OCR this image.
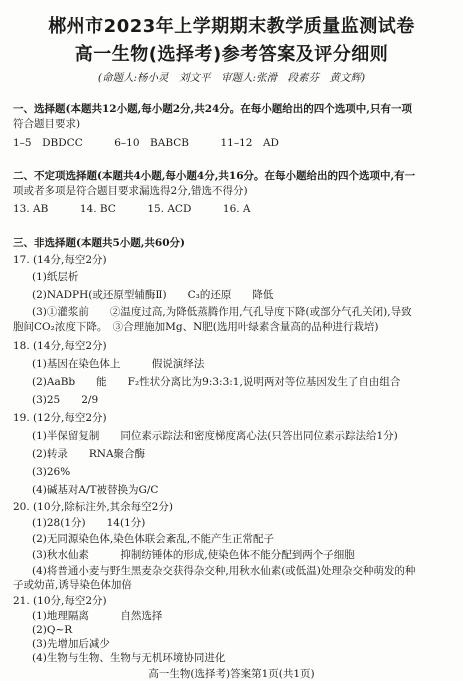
郴州市2023年上学期期末教学质量监测试卷
高一生物(选择考)参考答案及评分细则
(命题人:杨小灵　刘文平　审题人:张滑　段素芬　黄文辉)
一、选择题(本题共12小题,每小题2分,共24分。在每小题给出的四个选项中,只有一项
符合题目要求)
1–5　DBDCC　　　6–10　BABCB　　　11–12　AD
二、不定项选择题(本题共4小题,每小题4分,共16分。在每小题给出的四个选项中,有一
项或者多项是符合题目要求漏选得2分,错选不得分)
13. AB　　　14. BC　　　15. ACD　　　16. A
三、非选择题(本题共5小题,共60分)
17. (14分,每空2分)
(1)纸层析
(2)NADPH(或还原型辅酶Ⅱ)　　C₃的还原　　降低
(3)①灌浆前　　②温度过高,为降低蒸腾作用,气孔导度下降(或部分气孔关闭),导致
胞间CO₂浓度下降。　③合理施加Mg、N肥(选用叶绿素含量高的品种进行栽培)
18. (14分,每空2分)
(1)基因在染色体上　　　假说演绎法
(2)AaBb　　能　　F₂性状分离比为9:3:3:1,说明两对等位基因发生了自由组合
(3)25　　2/9
19. (12分,每空2分)
(1)半保留复制　　同位素示踪法和密度梯度离心法(只答出同位素示踪法给1分)
(2)转录　　RNA聚合酶
(3)26%
(4)碱基对A/T被替换为G/C
20. (10分,除标注外,其余每空2分)
(1)28(1分)　　14(1分)
(2)无同源染色体,染色体联会紊乱,不能产生正常配子
(3)秋水仙素　　　抑制纺锤体的形成,使染色体不能分配到两个子细胞
(4)将普通小麦与野生黑麦杂交获得杂交种,用秋水仙素(或低温)处理杂交种萌发的种
子或幼苗,诱导染色体加倍
21. (10分,每空2分)
(1)地理隔离　　　自然选择
(2)Q~R
(3)先增加后减少
高一生物(选择考)答案第1页(共1页)
(4)生物与生物、生物与无机环境协同进化
